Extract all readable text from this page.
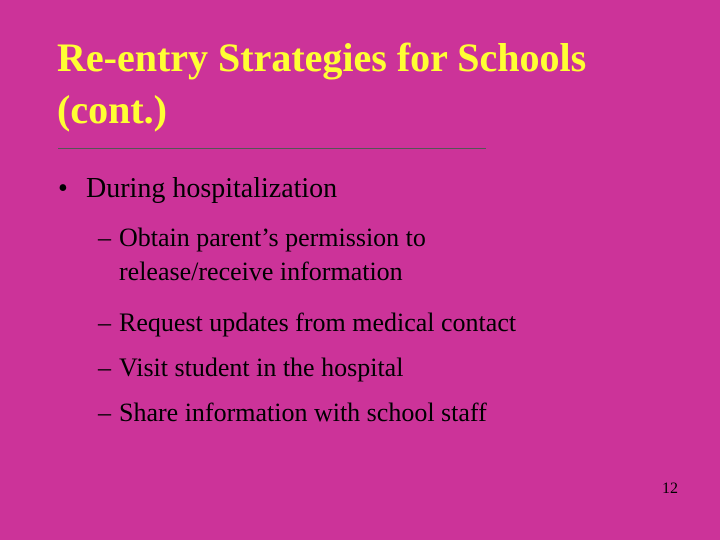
Re-entry Strategies for Schools
(cont.)
• During hospitalization
– Obtain parent’s permission to
release/receive information
– Request updates from medical contact
– Visit student in the hospital
– Share information with school staff
12
